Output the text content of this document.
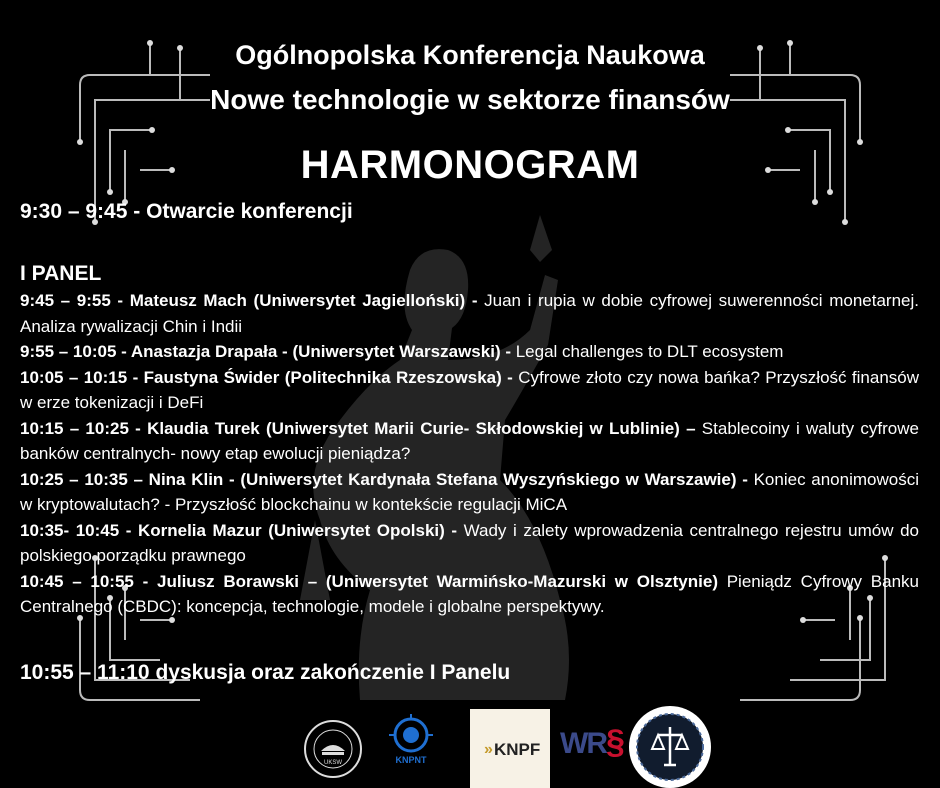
Ogólnopolska Konferencja Naukowa
Nowe technologie w sektorze finansów
HARMONOGRAM
9:30 – 9:45 - Otwarcie konferencji
I PANEL

9:45 – 9:55 - Mateusz Mach (Uniwersytet Jagielloński) - Juan i rupia w dobie cyfrowej suwerenności monetarnej. Analiza rywalizacji Chin i Indii

9:55 – 10:05 - Anastazja Drapała - (Uniwersytet Warszawski) - Legal challenges to DLT ecosystem

10:05 – 10:15 - Faustyna Świder (Politechnika Rzeszowska) - Cyfrowe złoto czy nowa bańka? Przyszłość finansów w erze tokenizacji i DeFi

10:15 – 10:25 - Klaudia Turek (Uniwersytet Marii Curie- Skłodowskiej w Lublinie) – Stablecoiny i waluty cyfrowe banków centralnych- nowy etap ewolucji pieniądza?

10:25 – 10:35 – Nina Klin - (Uniwersytet Kardynała Stefana Wyszyńskiego w Warszawie) - Koniec anonimowości w kryptowalutach? - Przyszłość blockchainu w kontekście regulacji MiCA

10:35- 10:45 - Kornelia Mazur (Uniwersytet Opolski) - Wady i zalety wprowadzenia centralnego rejestru umów do polskiego porządku prawnego

10:45 – 10:55 - Juliusz Borawski – (Uniwersytet Warmińsko-Mazurski w Olsztynie) Pieniądz Cyfrowy Banku Centralnego (CBDC): koncepcja, technologie, modele i globalne perspektywy.

10:55 – 11:10 dyskusja oraz zakończenie I Panelu
UKSW	KNPNT
» KNPF WR§
